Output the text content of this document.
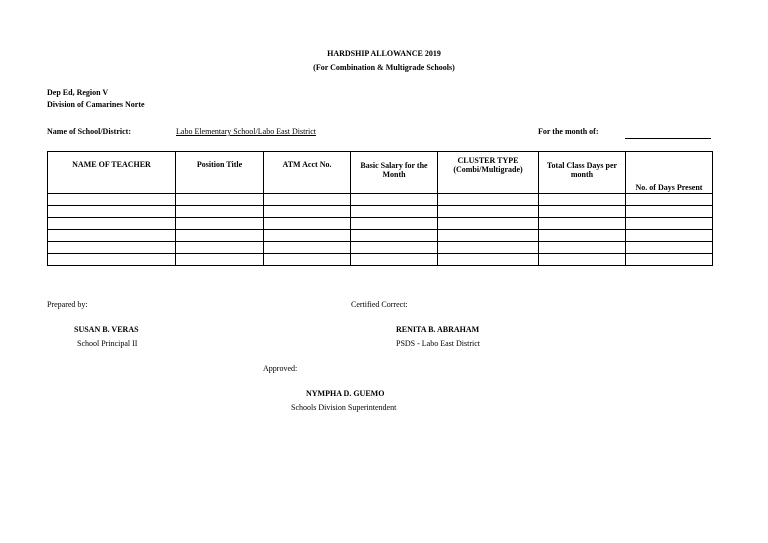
HARDSHIP ALLOWANCE 2019
(For Combination & Multigrade Schools)
Dep Ed, Region V
Division of Camarines Norte
Name of School/District:	Labo Elementary School/Labo East District	For the month of:
NAME OF TEACHER	Position Title	ATM Acct No.	Basic Salary for the Month	CLUSTER TYPE (Combi/Multigrade)	Total Class Days per month	No. of Days Present

Prepared by:
SUSAN B. VERAS
School Principal II
Certified Correct:
RENITA B. ABRAHAM
PSDS - Labo East District
Approved:
NYMPHA D. GUEMO
Schools Division Superintendent
